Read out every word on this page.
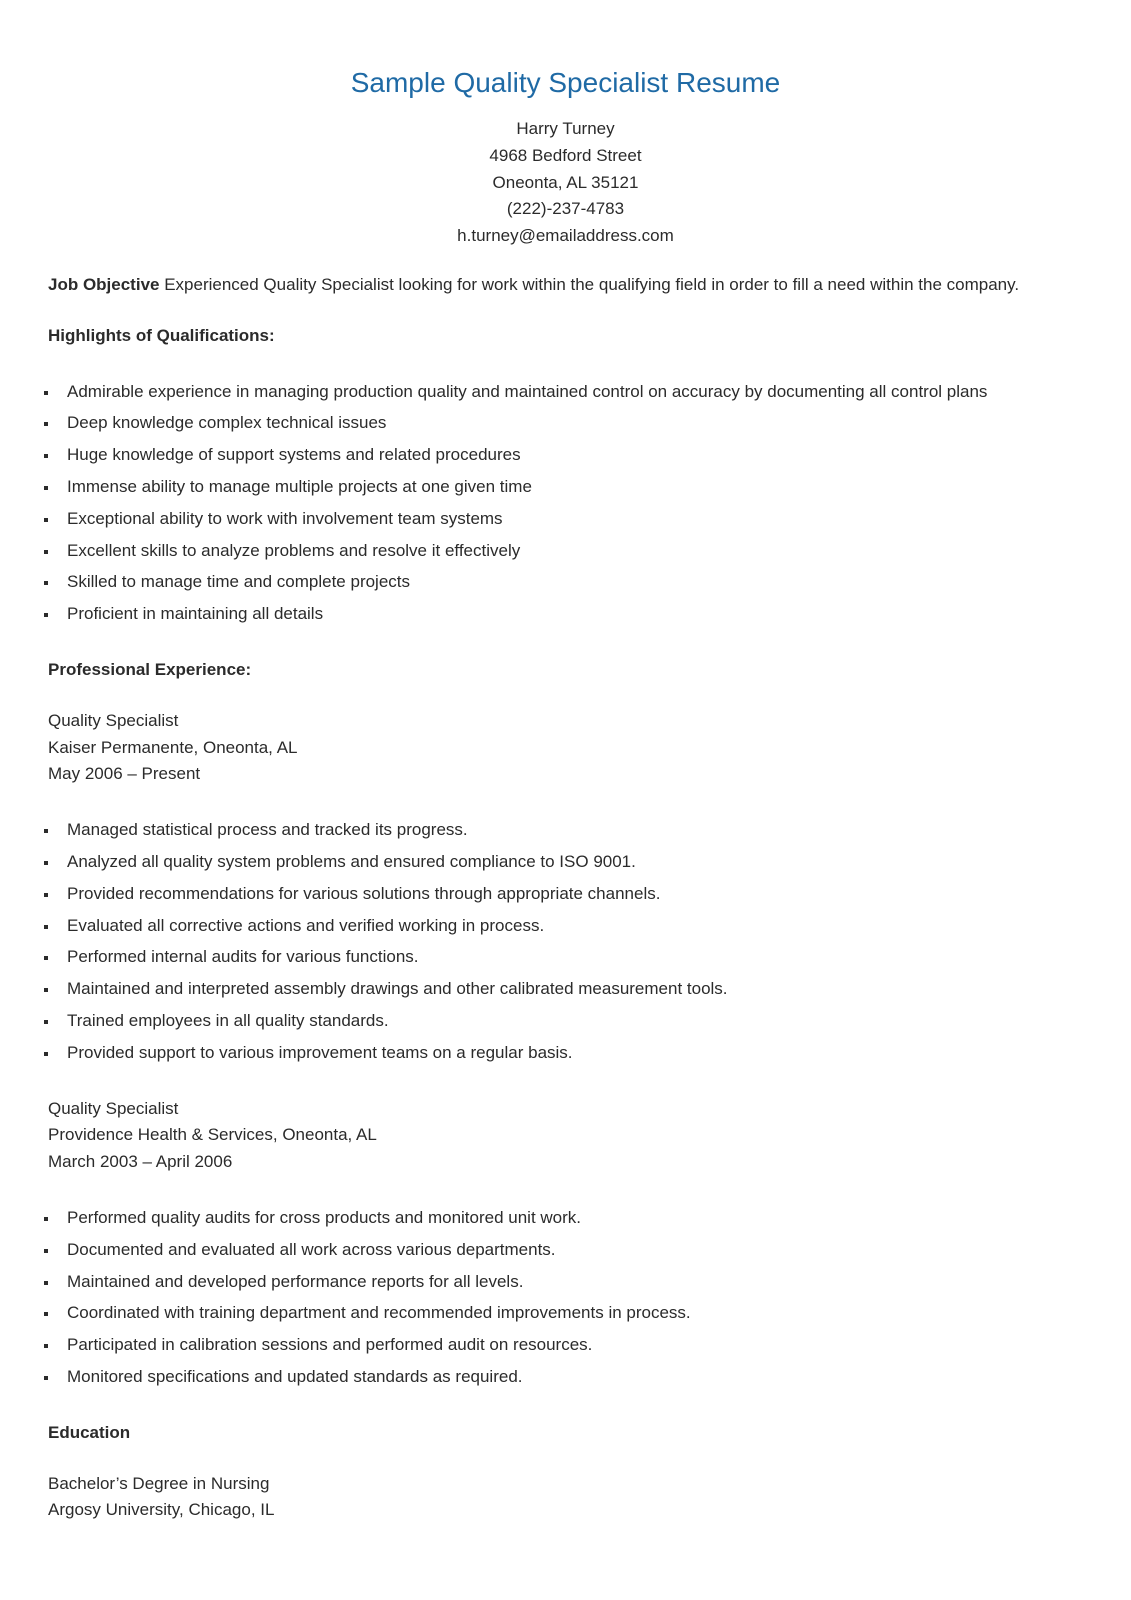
Sample Quality Specialist Resume
Harry Turney
4968 Bedford Street
Oneonta, AL 35121
(222)-237-4783
h.turney@emailaddress.com
Job Objective Experienced Quality Specialist looking for work within the qualifying field in order to fill a need within the company.
Highlights of Qualifications:
Admirable experience in managing production quality and maintained control on accuracy by documenting all control plans
Deep knowledge complex technical issues
Huge knowledge of support systems and related procedures
Immense ability to manage multiple projects at one given time
Exceptional ability to work with involvement team systems
Excellent skills to analyze problems and resolve it effectively
Skilled to manage time and complete projects
Proficient in maintaining all details
Professional Experience:
Quality Specialist
Kaiser Permanente, Oneonta, AL
May 2006 – Present
Managed statistical process and tracked its progress.
Analyzed all quality system problems and ensured compliance to ISO 9001.
Provided recommendations for various solutions through appropriate channels.
Evaluated all corrective actions and verified working in process.
Performed internal audits for various functions.
Maintained and interpreted assembly drawings and other calibrated measurement tools.
Trained employees in all quality standards.
Provided support to various improvement teams on a regular basis.
Quality Specialist
Providence Health & Services, Oneonta, AL
March 2003 – April 2006
Performed quality audits for cross products and monitored unit work.
Documented and evaluated all work across various departments.
Maintained and developed performance reports for all levels.
Coordinated with training department and recommended improvements in process.
Participated in calibration sessions and performed audit on resources.
Monitored specifications and updated standards as required.
Education
Bachelor’s Degree in Nursing
Argosy University, Chicago, IL
